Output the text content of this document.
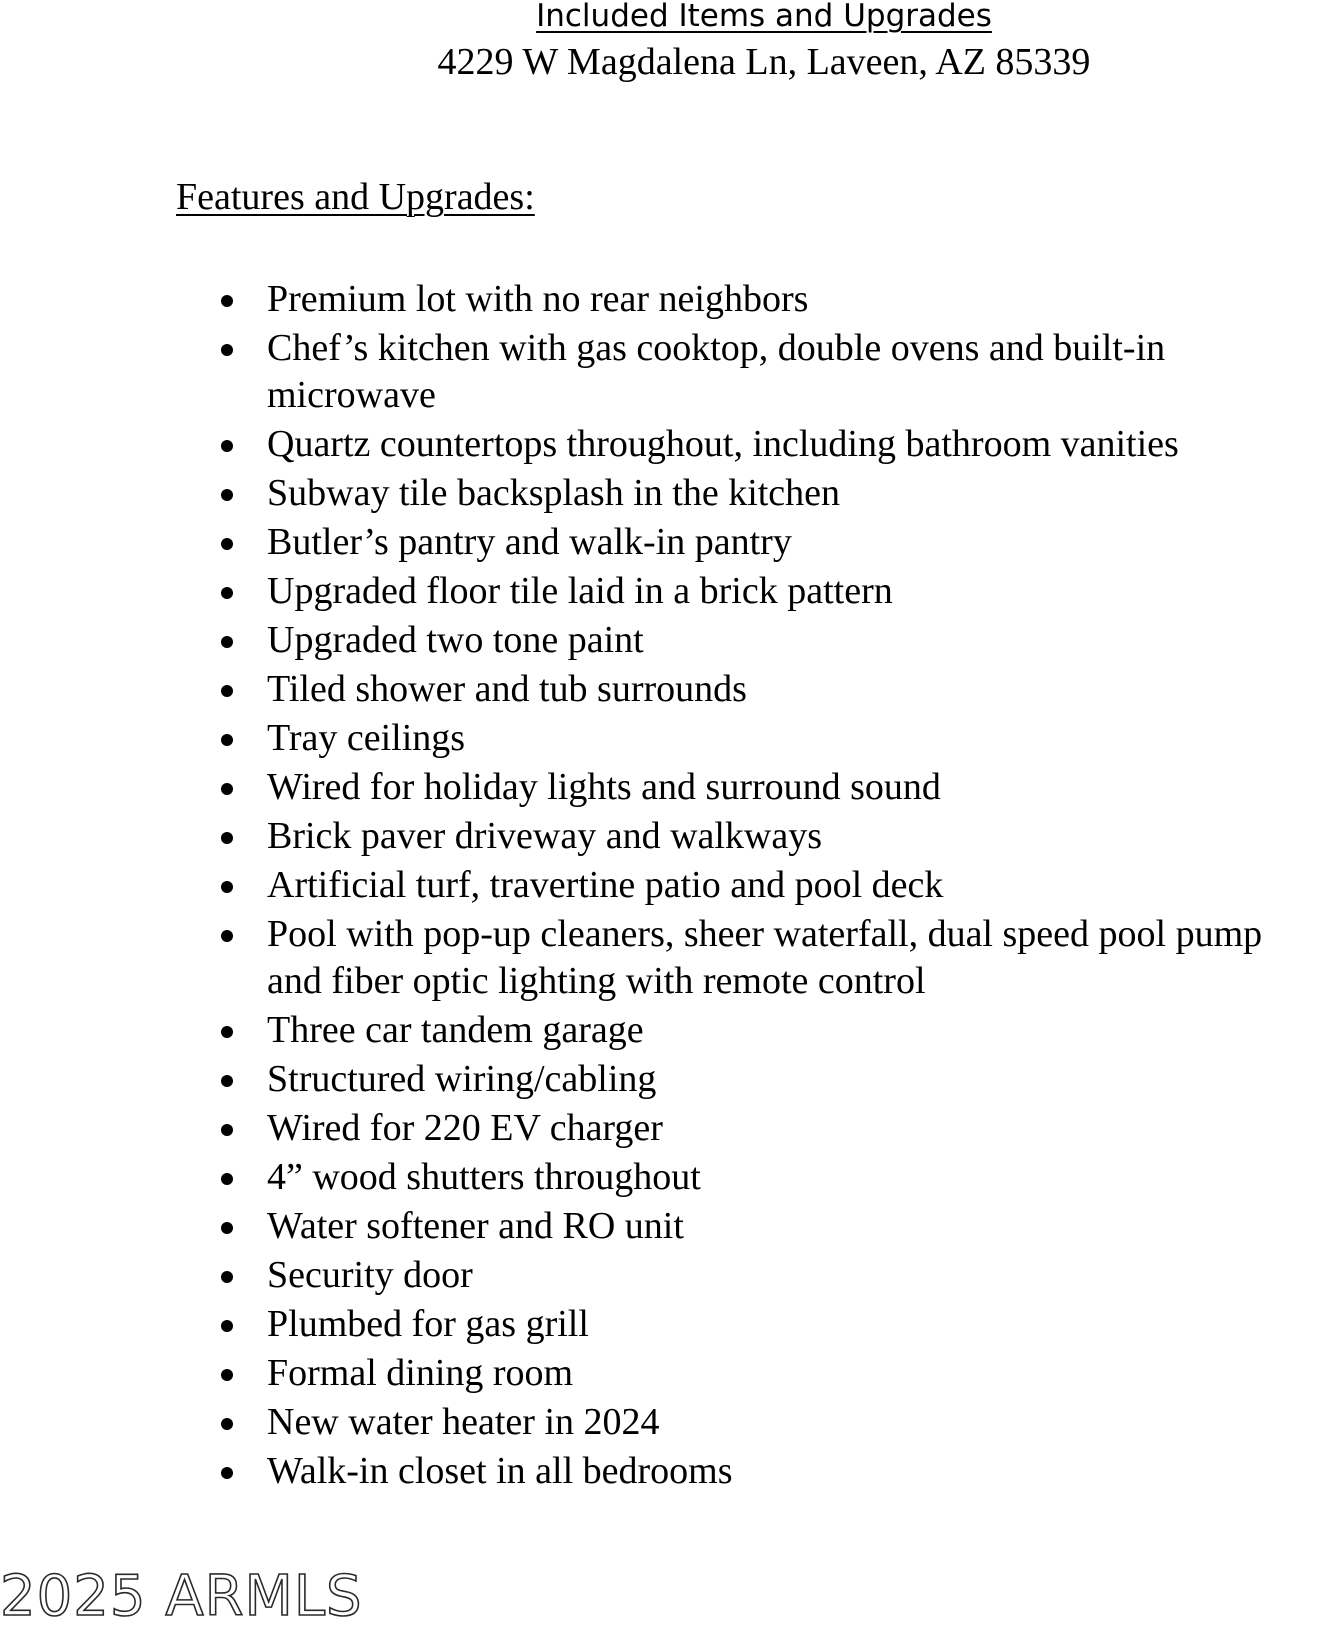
Included Items and Upgrades
4229 W Magdalena Ln, Laveen, AZ 85339
Features and Upgrades:
Premium lot with no rear neighbors
Chef’s kitchen with gas cooktop, double ovens and built-in
microwave
Quartz countertops throughout, including bathroom vanities
Subway tile backsplash in the kitchen
Butler’s pantry and walk-in pantry
Upgraded floor tile laid in a brick pattern
Upgraded two tone paint
Tiled shower and tub surrounds
Tray ceilings
Wired for holiday lights and surround sound
Brick paver driveway and walkways
Artificial turf, travertine patio and pool deck
Pool with pop-up cleaners, sheer waterfall, dual speed pool pump
and fiber optic lighting with remote control
Three car tandem garage
Structured wiring/cabling
Wired for 220 EV charger
4” wood shutters throughout
Water softener and RO unit
Security door
Plumbed for gas grill
Formal dining room
New water heater in 2024
Walk-in closet in all bedrooms
2025 ARMLS
